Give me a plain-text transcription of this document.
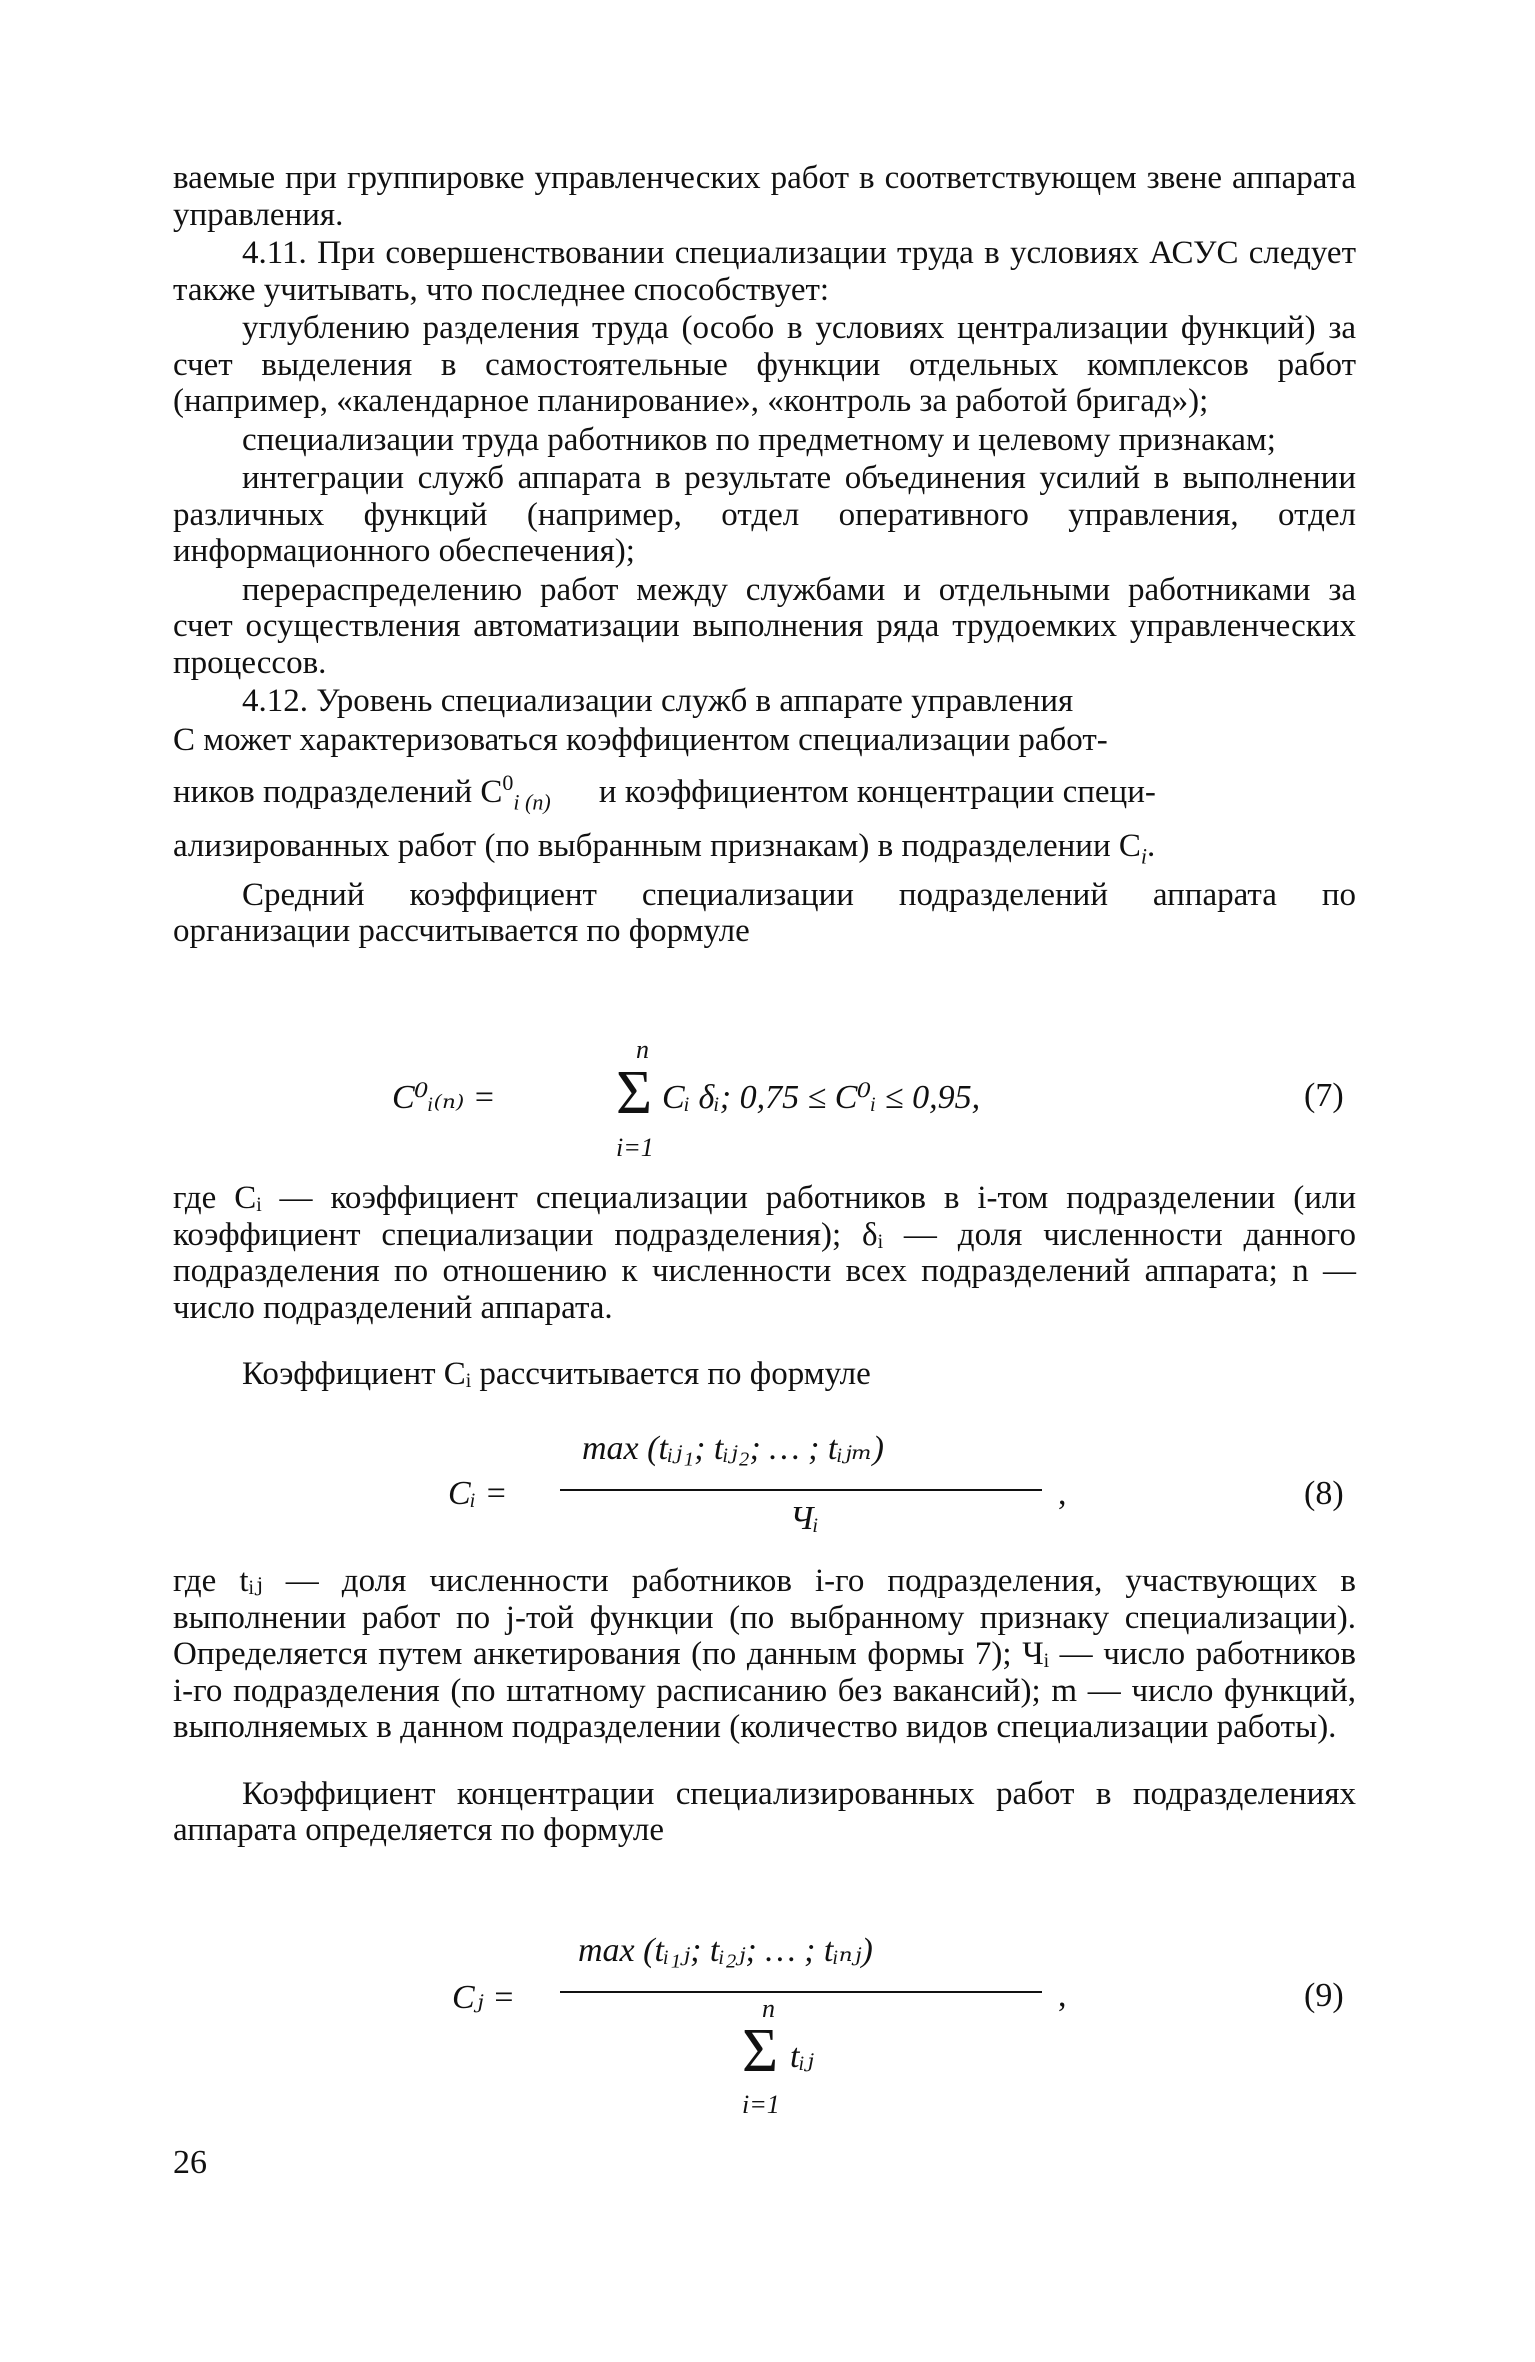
ваемые при группировке управленческих работ в соответствующем звене аппарата управления.

4.11. При совершенствовании специализации труда в условиях АСУС следует также учитывать, что последнее способствует:

углублению разделения труда (особо в условиях централизации функций) за счет выделения в самостоятельные функции отдельных комплексов работ (например, «календарное планирование», «контроль за работой бригад»);

специализации труда работников по предметному и целевому признакам;

интеграции служб аппарата в результате объединения усилий в выполнении различных функций (например, отдел оперативного управления, отдел информационного обеспечения);

перераспределению работ между службами и отдельными работниками за счет осуществления автоматизации выполнения ряда трудоемких управленческих процессов.

4.12. Уровень специализации служб в аппарате управления

С может характеризоваться коэффициентом специализации работ-

ников подразделений $C^0_{i (n)}$ и коэффициентом концентрации специ-

ализированных работ (по выбранным признакам) в подразделении $C_i$.

Средний коэффициент специализации подразделений аппарата по организации рассчитывается по формуле

C⁰ᵢ₍ₙ₎ =
n
Σ
i=1
Cᵢ δᵢ; 0,75 ≤ C⁰ᵢ ≤ 0,95,	(7)

где Cᵢ — коэффициент специализации работников в i-том подразделении (или коэффициент специализации подразделения); δᵢ — доля численности данного подразделения по отношению к численности всех подразделений аппарата; n — число подразделений аппарата.

Коэффициент Cᵢ рассчитывается по формуле

Cᵢ =
max (tᵢⱼ₁; tᵢⱼ₂; … ; tᵢⱼₘ)
Чᵢ
,	(8)

где tᵢⱼ — доля численности работников i-го подразделения, участвующих в выполнении работ по j-той функции (по выбранному признаку специализации). Определяется путем анкетирования (по данным формы 7); Чᵢ — число работников i-го подразделения (по штатному расписанию без вакансий); m — число функций, выполняемых в данном подразделении (количество видов специализации работы).

Коэффициент концентрации специализированных работ в подразделениях аппарата определяется по формуле

Cⱼ =
max (tᵢ₁ⱼ; tᵢ₂ⱼ; … ; tᵢₙⱼ)
n
Σ tᵢⱼ
i=1
,	(9)
26
